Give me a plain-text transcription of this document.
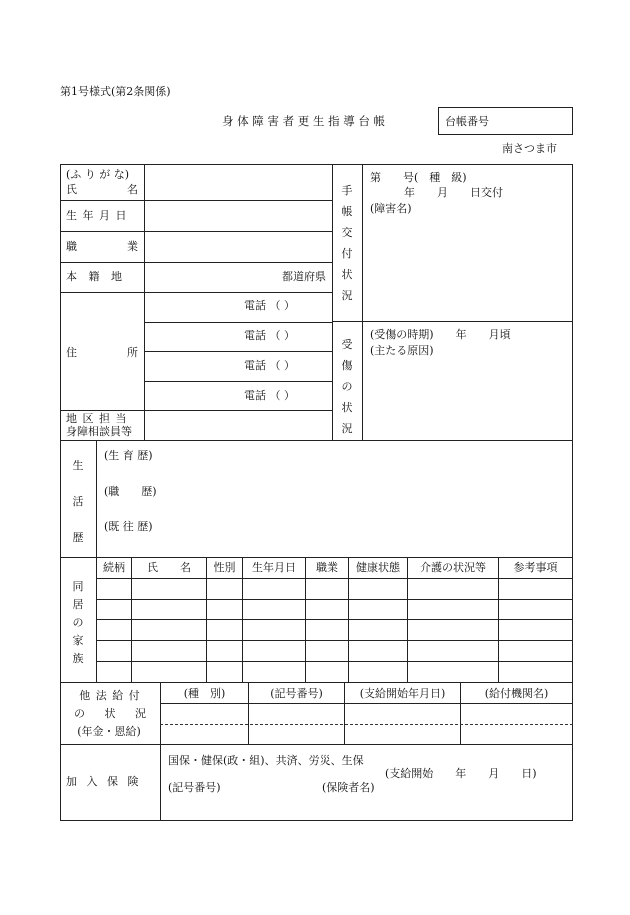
第1号様式(第2条関係)
身 体 障 害 者 更 生 指 導 台 帳	台帳番号
南さつま市
(ふ り が な)
氏	名
生 年 月 日
職	業
本 籍 地	都道府県
住	所
電話 （ ）
電話 （ ）
電話 （ ）
電話 （ ）
地 区 担 当
身障相談員等
手
帳
交
付
状
況
第　　号(　種　級)
年　　月　　日交付
(障害名)
受
傷
の
状
況
(受傷の時期)　　年　　月頃
(主たる原因)
生
活
歴
(生 育 歴)
(職　　歴)
(既 往 歴)
同
居
の
家
族
続柄	氏　　名	性別	生年月日	職業	健康状態	介護の状況等	参考事項
他 法 給 付
の 状 況
(年金・恩給)
(種　別)	(記号番号)	(支給開始年月日)	(給付機関名)
加 入 保 険
国保・健保(政・組)、共済、労災、生保
(支給開始　　年　　月　　日)
(記号番号)	(保険者名)
